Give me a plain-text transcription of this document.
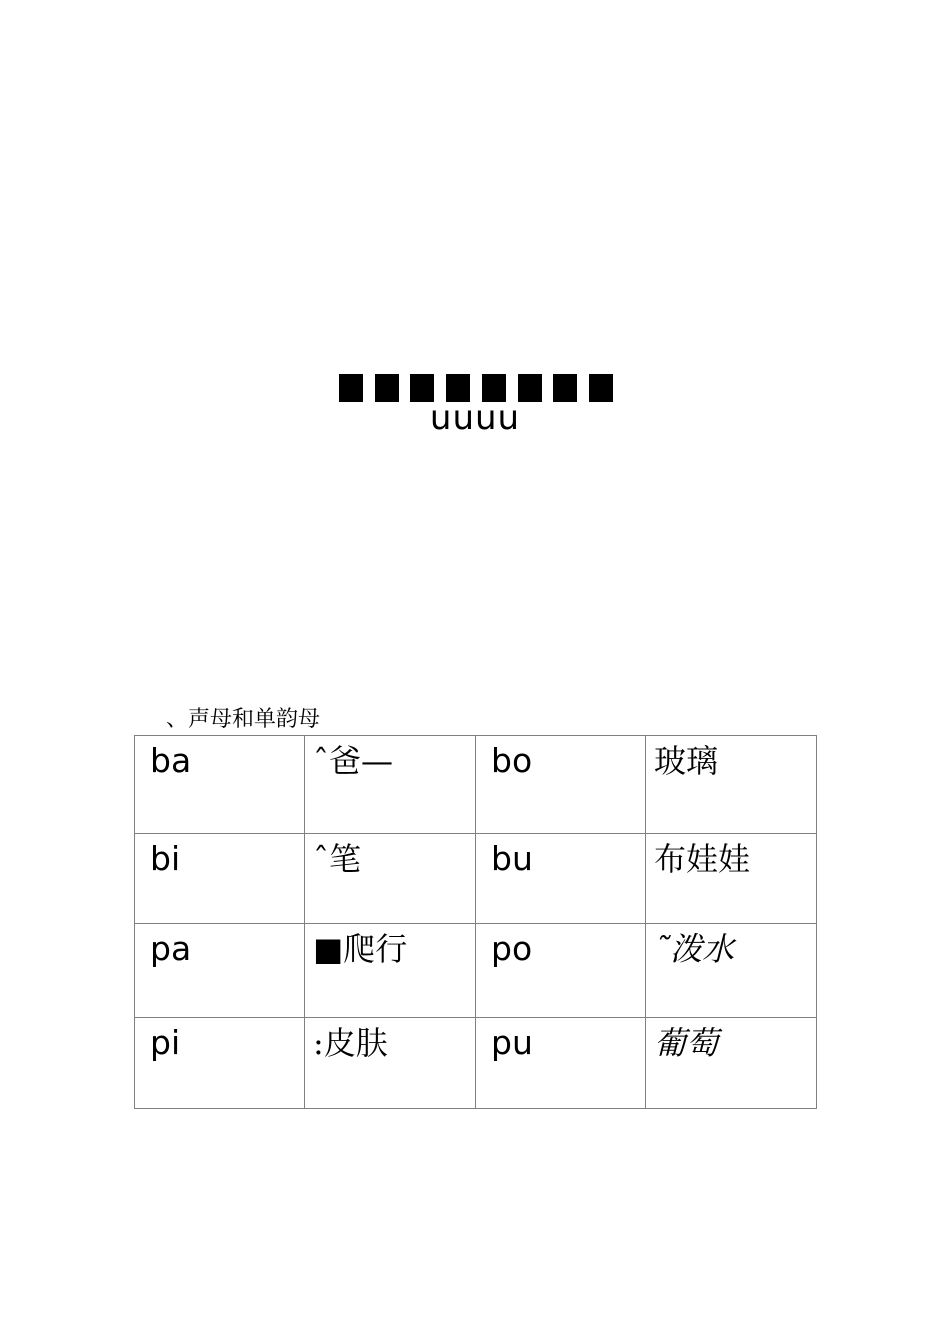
uuuu
、声母和单韵母
ba	ˆ爸—	bo	玻璃

bi	ˆ笔	bu	布娃娃

pa	■爬行	po	˜泼水

pi	:皮肤	pu	葡萄
